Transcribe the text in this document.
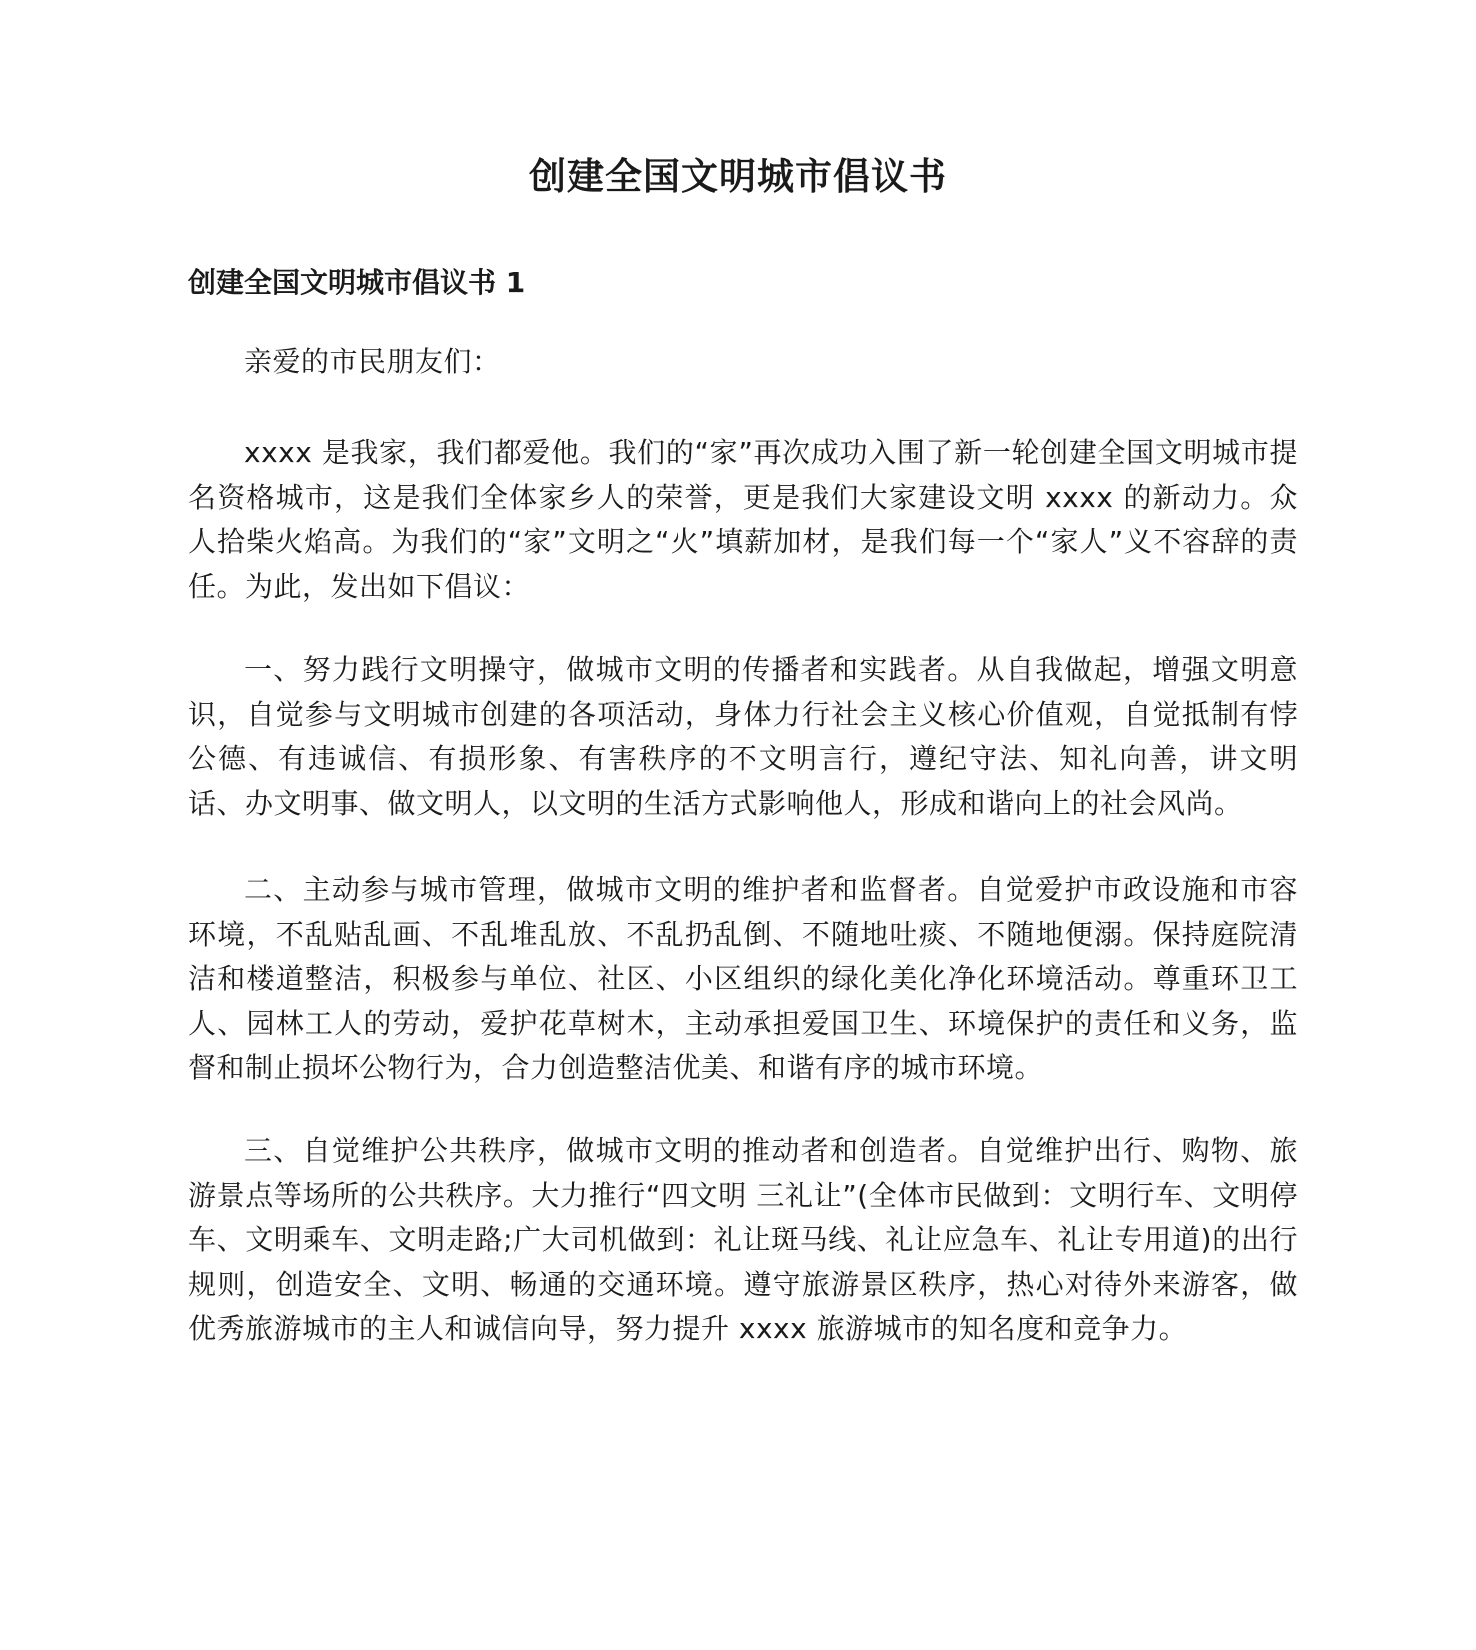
创建全国文明城市倡议书
创建全国文明城市倡议书 1

亲爱的市民朋友们：

xxxx 是我家，我们都爱他。我们的“家”再次成功入围了新一轮创建全国文明城市提名资格城市，这是我们全体家乡人的荣誉，更是我们大家建设文明 xxxx 的新动力。众人拾柴火焰高。为我们的“家”文明之“火”填薪加材，是我们每一个“家人”义不容辞的责任。为此，发出如下倡议：

一、努力践行文明操守，做城市文明的传播者和实践者。从自我做起，增强文明意识，自觉参与文明城市创建的各项活动，身体力行社会主义核心价值观，自觉抵制有悖公德、有违诚信、有损形象、有害秩序的不文明言行，遵纪守法、知礼向善，讲文明话、办文明事、做文明人，以文明的生活方式影响他人，形成和谐向上的社会风尚。

二、主动参与城市管理，做城市文明的维护者和监督者。自觉爱护市政设施和市容环境，不乱贴乱画、不乱堆乱放、不乱扔乱倒、不随地吐痰、不随地便溺。保持庭院清洁和楼道整洁，积极参与单位、社区、小区组织的绿化美化净化环境活动。尊重环卫工人、园林工人的劳动，爱护花草树木，主动承担爱国卫生、环境保护的责任和义务，监督和制止损坏公物行为，合力创造整洁优美、和谐有序的城市环境。

三、自觉维护公共秩序，做城市文明的推动者和创造者。自觉维护出行、购物、旅游景点等场所的公共秩序。大力推行“四文明 三礼让”(全体市民做到：文明行车、文明停车、文明乘车、文明走路;广大司机做到：礼让斑马线、礼让应急车、礼让专用道)的出行规则，创造安全、文明、畅通的交通环境。遵守旅游景区秩序，热心对待外来游客，做优秀旅游城市的主人和诚信向导，努力提升 xxxx 旅游城市的知名度和竞争力。
